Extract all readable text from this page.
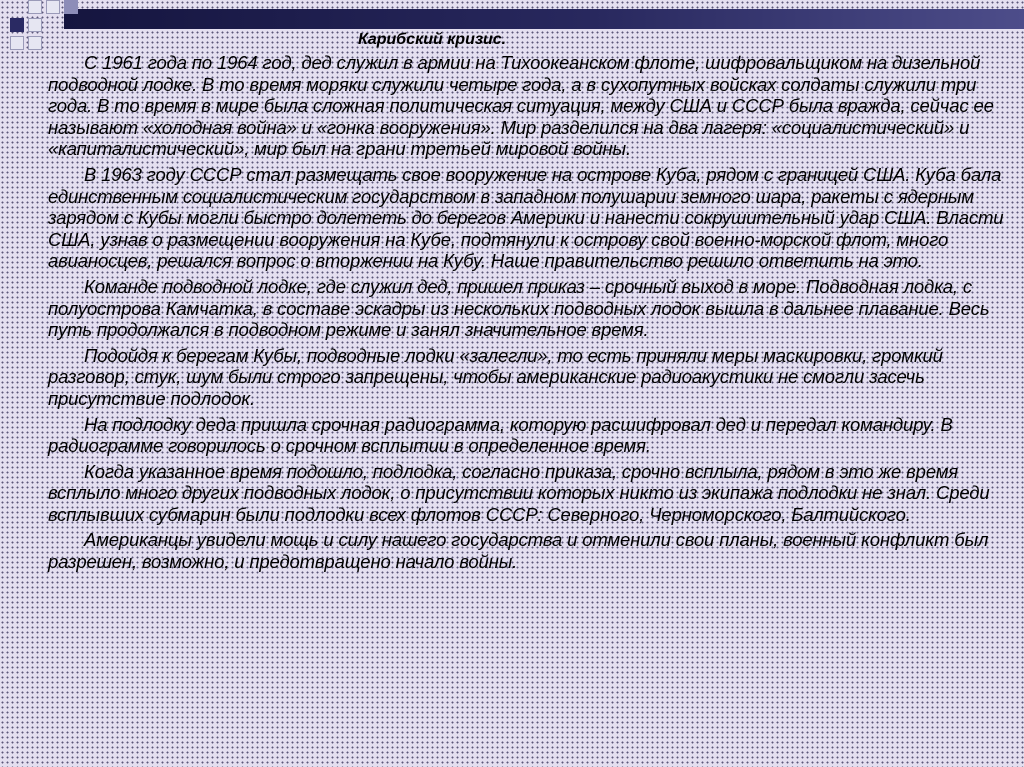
Карибский кризис.

С 1961 года по 1964 год, дед служил в армии на Тихоокеанском флоте, шифровальщиком на дизельной подводной лодке. В то время моряки служили четыре года, а в сухопутных войсках солдаты служили три года. В то время в мире была сложная политическая ситуация, между США и СССР была вражда, сейчас ее называют «холодная война» и «гонка вооружения». Мир разделился на два лагеря: «социалистический» и «капиталистический», мир был на грани третьей мировой войны.

В 1963 году СССР стал размещать свое вооружение на острове Куба, рядом с границей США. Куба бала единственным социалистическим государством в западном полушарии земного шара, ракеты с ядерным зарядом с Кубы могли быстро долететь до берегов Америки и нанести сокрушительный удар США. Власти США, узнав о размещении вооружения на Кубе, подтянули к острову свой военно-морской флот, много авианосцев, решался вопрос о вторжении на Кубу. Наше правительство решило ответить на это.

Команде подводной лодке, где служил дед, пришел приказ – срочный выход в море. Подводная лодка, с полуострова Камчатка, в составе эскадры из нескольких подводных лодок вышла в дальнее плавание. Весь путь продолжался в подводном режиме и занял значительное время.

Подойдя к берегам Кубы, подводные лодки «залегли», то есть приняли меры маскировки, громкий разговор, стук, шум были строго запрещены, чтобы американские радиоакустики не смогли засечь присутствие подлодок.

На подлодку деда пришла срочная радиограмма, которую расшифровал дед и передал командиру. В радиограмме говорилось о срочном всплытии в определенное время.

Когда указанное время подошло, подлодка, согласно приказа, срочно всплыла, рядом в это же время всплыло много других подводных лодок, о присутствии которых никто из экипажа подлодки не знал. Среди всплывших субмарин были подлодки всех флотов СССР: Северного, Черноморского, Балтийского.

Американцы увидели мощь и силу нашего государства и отменили свои планы, военный конфликт был разрешен, возможно, и предотвращено начало войны.
